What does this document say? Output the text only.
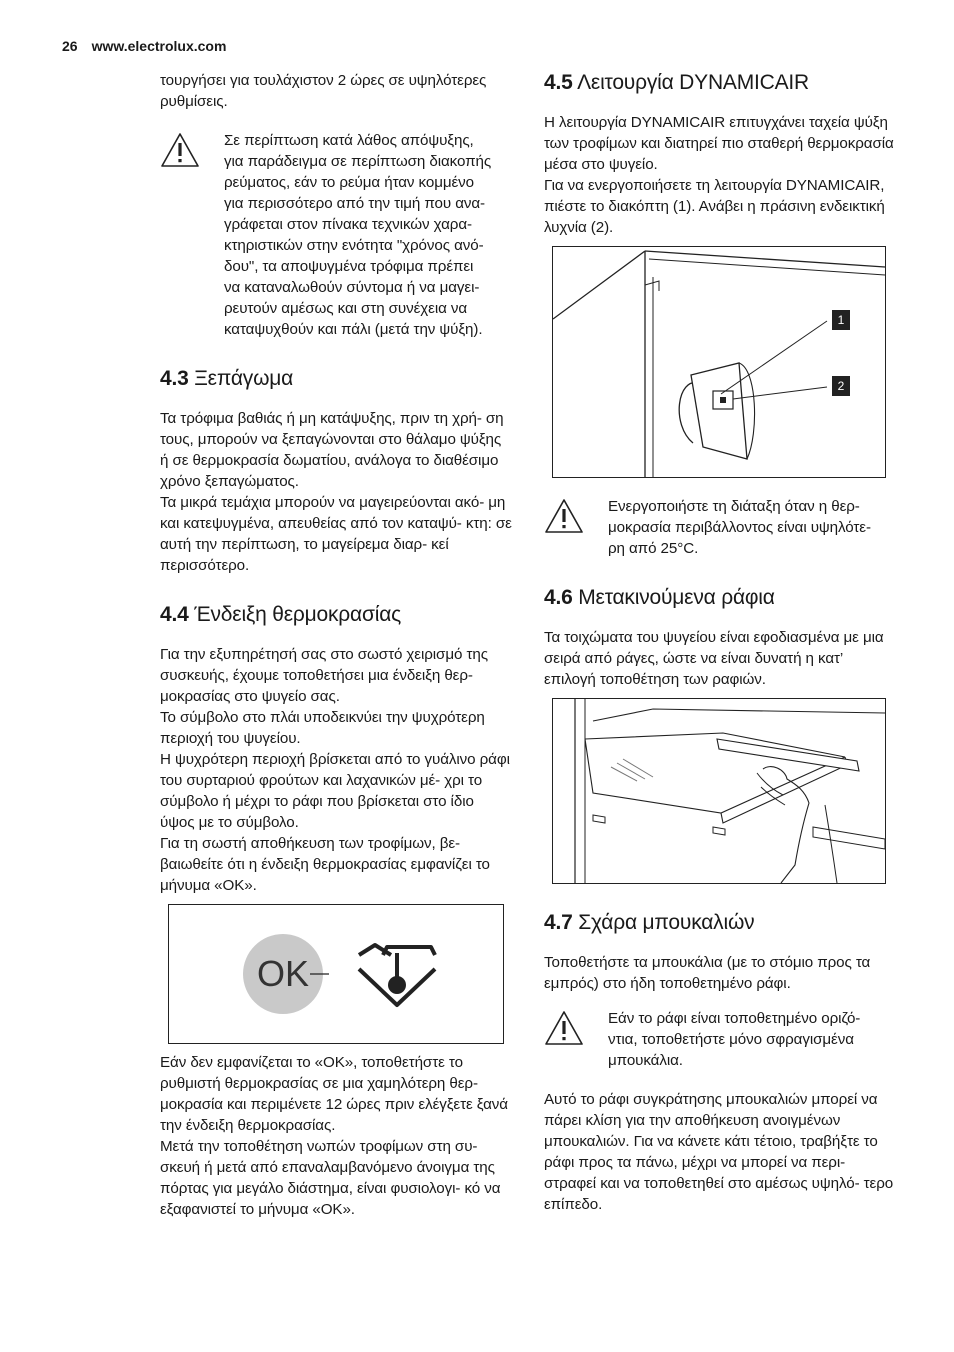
26 www.electrolux.com

τουργήσει για τουλάχιστον 2 ώρες σε υψηλότερες ρυθμίσεις.

Σε περίπτωση κατά λάθος απόψυξης,

για παράδειγμα σε περίπτωση διακοπής

ρεύματος, εάν το ρεύμα ήταν κομμένο

για περισσότερο από την τιμή που ανα-

γράφεται στον πίνακα τεχνικών χαρα-

κτηριστικών στην ενότητα "χρόνος ανό-

δου", τα αποψυγμένα τρόφιμα πρέπει

να καταναλωθούν σύντομα ή να μαγει-

ρευτούν αμέσως και στη συνέχεια να

καταψυχθούν και πάλι (μετά την ψύξη).

4.3 Ξεπάγωμα

Τα τρόφιμα βαθιάς ή μη κατάψυξης, πριν τη χρή- ση τους, μπορούν να ξεπαγώνονται στο θάλαμο ψύξης ή σε θερμοκρασία δωματίου, ανάλογα το διαθέσιμο χρόνο ξεπαγώματος.

Τα μικρά τεμάχια μπορούν να μαγειρεύονται ακό- μη και κατεψυγμένα, απευθείας από τον καταψύ- κτη: σε αυτή την περίπτωση, το μαγείρεμα διαρ- κεί περισσότερο.

4.4 Ένδειξη θερμοκρασίας

Για την εξυπηρέτησή σας στο σωστό χειρισμό της συσκευής, έχουμε τοποθετήσει μια ένδειξη θερ- μοκρασίας στο ψυγείο σας.

Το σύμβολο στο πλάι υποδεικνύει την ψυχρότερη περιοχή του ψυγείου.

Η ψυχρότερη περιοχή βρίσκεται από το γυάλινο ράφι του συρταριού φρούτων και λαχανικών μέ- χρι το σύμβολο ή μέχρι το ράφι που βρίσκεται στο ίδιο ύψος με το σύμβολο.

Για τη σωστή αποθήκευση των τροφίμων, βε- βαιωθείτε ότι η ένδειξη θερμοκρασίας εμφανίζει το μήνυμα «OK».

OK

Εάν δεν εμφανίζεται το «OK», τοποθετήστε το ρυθμιστή θερμοκρασίας σε μια χαμηλότερη θερ- μοκρασία και περιμένετε 12 ώρες πριν ελέγξετε ξανά την ένδειξη θερμοκρασίας.

Μετά την τοποθέτηση νωπών τροφίμων στη συ- σκευή ή μετά από επαναλαμβανόμενο άνοιγμα της πόρτας για μεγάλο διάστημα, είναι φυσιολογι- κό να εξαφανιστεί το μήνυμα «OK».

4.5 Λειτουργία DYNAMICAIR

Η λειτουργία DYNAMICAIR επιτυγχάνει ταχεία ψύξη των τροφίμων και διατηρεί πιο σταθερή θερμοκρασία μέσα στο ψυγείο.

Για να ενεργοποιήσετε τη λειτουργία DYNAMICAIR, πιέστε το διακόπτη (1). Ανάβει η πράσινη ενδεικτική λυχνία (2).

1
2

Ενεργοποιήστε τη διάταξη όταν η θερ-

μοκρασία περιβάλλοντος είναι υψηλότε-

ρη από 25°C.

4.6 Μετακινούμενα ράφια

Τα τοιχώματα του ψυγείου είναι εφοδιασμένα με μια σειρά από ράγες, ώστε να είναι δυνατή η κατ’ επιλογή τοποθέτηση των ραφιών.

4.7 Σχάρα μπουκαλιών

Τοποθετήστε τα μπουκάλια (με το στόμιο προς τα εμπρός) στο ήδη τοποθετημένο ράφι.

Εάν το ράφι είναι τοποθετημένο οριζό-

ντια, τοποθετήστε μόνο σφραγισμένα

μπουκάλια.

Αυτό το ράφι συγκράτησης μπουκαλιών μπορεί να πάρει κλίση για την αποθήκευση ανοιγμένων μπουκαλιών. Για να κάνετε κάτι τέτοιο, τραβήξτε το ράφι προς τα πάνω, μέχρι να μπορεί να περι- στραφεί και να τοποθετηθεί στο αμέσως υψηλό- τερο επίπεδο.
